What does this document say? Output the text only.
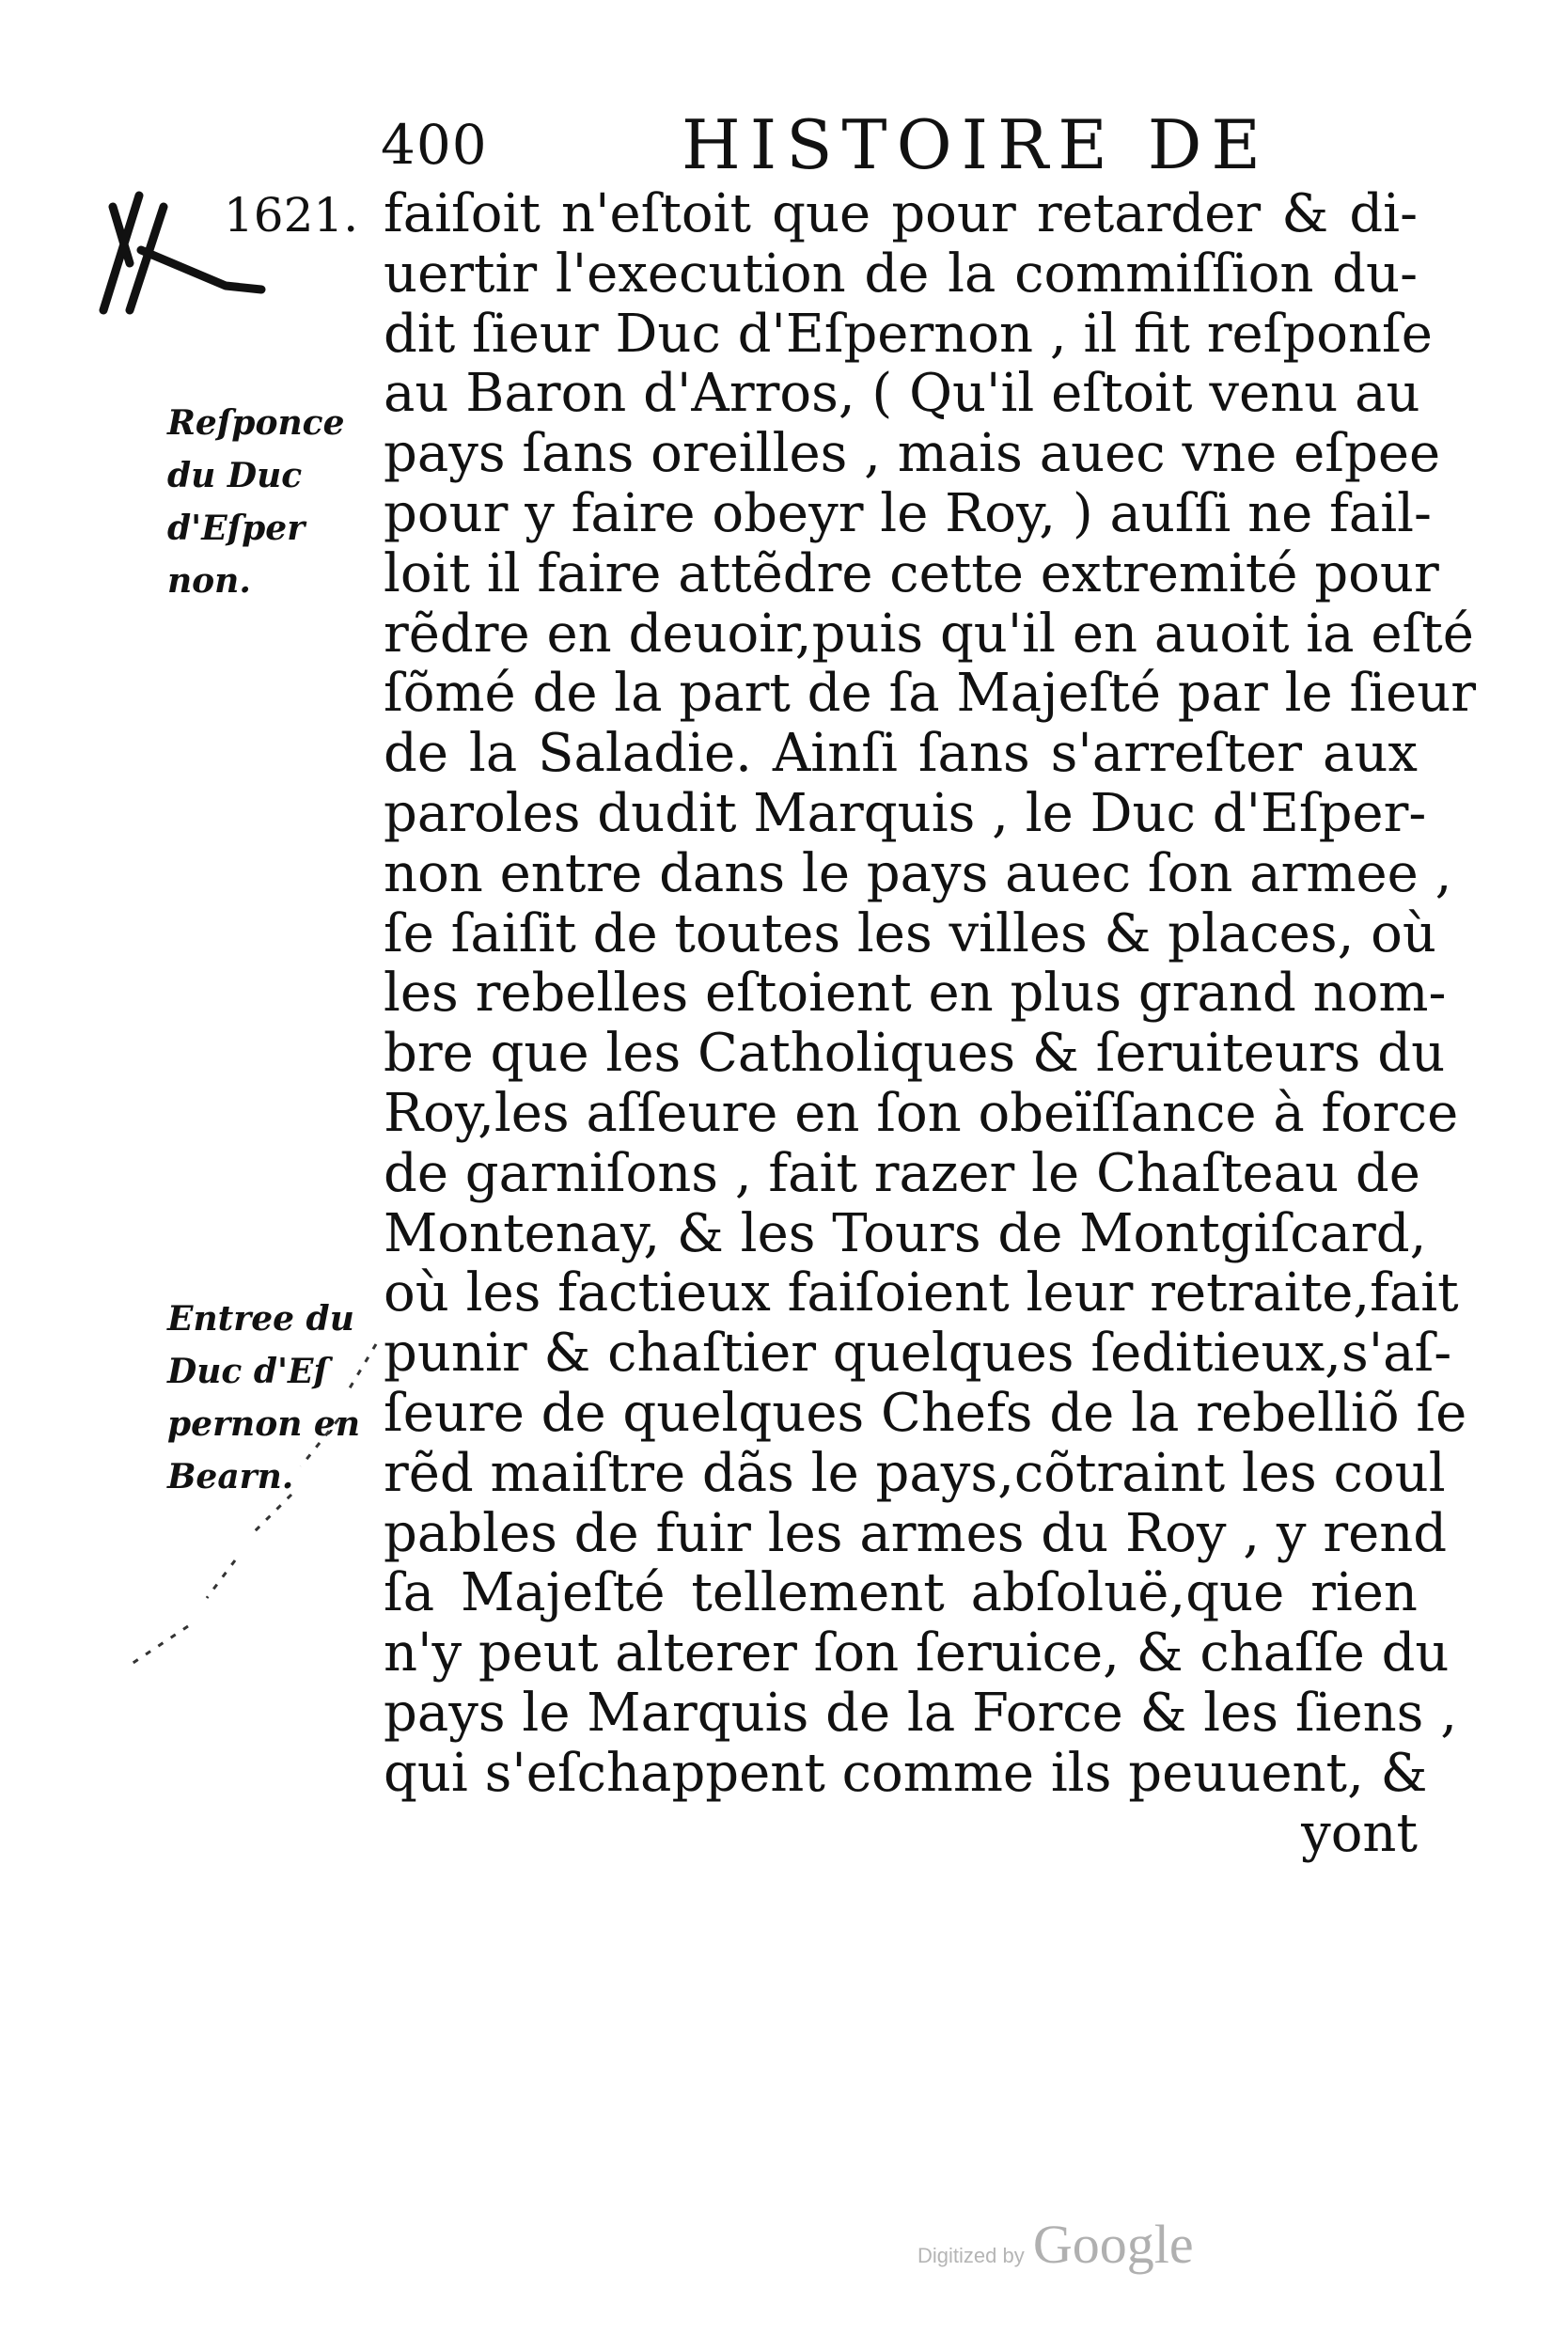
400	HISTOIRE DE
1621.
Reſponce
du Duc
d'Eſper
non.
Entree du
Duc d'Eſ
pernon en
Bearn.
faiſoit n'eſtoit que pour retarder & di-
uertir l'execution de la commiſſion du-
dit ſieur Duc d'Eſpernon , il fit reſponſe
au Baron d'Arros, ( Qu'il eſtoit venu au
pays ſans oreilles , mais auec vne eſpee
pour y faire obeyr le Roy, ) auſſi ne fail-
loit il faire attẽdre cette extremité pour
rẽdre en deuoir,puis qu'il en auoit ia eſté
ſõmé de la part de ſa Majeſté par le ſieur
de la Saladie. Ainſi ſans s'arreſter aux
paroles dudit Marquis , le Duc d'Eſper-
non entre dans le pays auec ſon armee ,
ſe ſaiſit de toutes les villes & places, où
les rebelles eſtoient en plus grand nom-
bre que les Catholiques & ſeruiteurs du
Roy,les aſſeure en ſon obeïſſance à force
de garniſons , fait razer le Chaſteau de
Montenay, & les Tours de Montgiſcard,
où les factieux faiſoient leur retraite,fait
punir & chaſtier quelques ſeditieux,s'aſ-
ſeure de quelques Chefs de la rebelliõ ſe
rẽd maiſtre dãs le pays,cõtraint les coul
pables de fuir les armes du Roy , y rend
ſa Majeſté tellement abſoluë,que rien
n'y peut alterer ſon ſeruice, & chaſſe du
pays le Marquis de la Force & les ſiens ,
qui s'eſchappent comme ils peuuent, &
yont
Digitized by Google
